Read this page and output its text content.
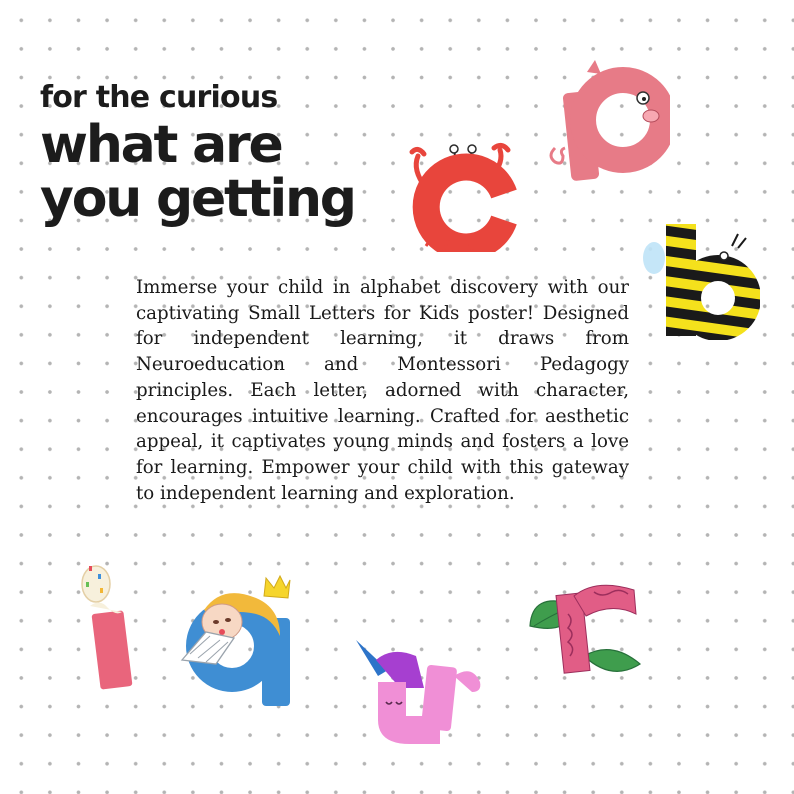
for the curious
what are
you getting

Immerse your child in alphabet discovery with our captivating Small Letters for Kids poster! Designed for independent learning, it draws from Neuroeducation and Montessori Pedagogy principles. Each letter, adorned with character, encourages intuitive learning. Crafted for aesthetic appeal, it captivates young minds and fosters a love for learning. Empower your child with this gateway to independent learning and exploration.
